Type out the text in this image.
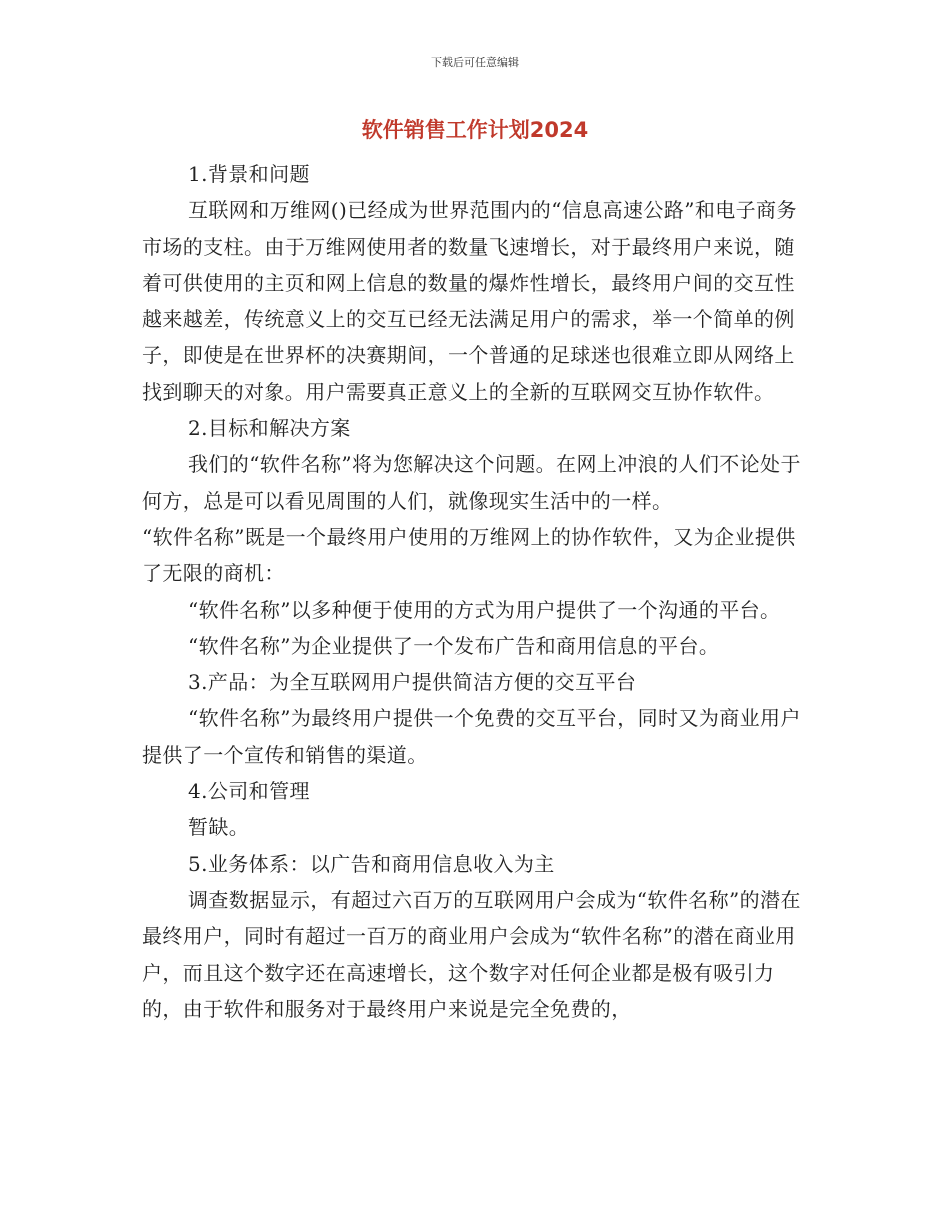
下载后可任意编辑
软件销售工作计划2024

1.背景和问题

互联网和万维网()已经成为世界范围内的“信息高速公路”和电子商务市场的支柱。由于万维网使用者的数量飞速增长，对于最终用户来说，随着可供使用的主页和网上信息的数量的爆炸性增长，最终用户间的交互性越来越差，传统意义上的交互已经无法满足用户的需求，举一个简单的例子，即使是在世界杯的决赛期间，一个普通的足球迷也很难立即从网络上找到聊天的对象。用户需要真正意义上的全新的互联网交互协作软件。

2.目标和解决方案

我们的“软件名称”将为您解决这个问题。在网上冲浪的人们不论处于何方，总是可以看见周围的人们，就像现实生活中的一样。

“软件名称”既是一个最终用户使用的万维网上的协作软件，又为企业提供了无限的商机：

“软件名称”以多种便于使用的方式为用户提供了一个沟通的平台。

“软件名称”为企业提供了一个发布广告和商用信息的平台。

3.产品：为全互联网用户提供简洁方便的交互平台

“软件名称”为最终用户提供一个免费的交互平台，同时又为商业用户提供了一个宣传和销售的渠道。

4.公司和管理

暂缺。

5.业务体系：以广告和商用信息收入为主

调查数据显示，有超过六百万的互联网用户会成为“软件名称”的潜在最终用户，同时有超过一百万的商业用户会成为“软件名称”的潜在商业用户，而且这个数字还在高速增长，这个数字对任何企业都是极有吸引力的，由于软件和服务对于最终用户来说是完全免费的，
